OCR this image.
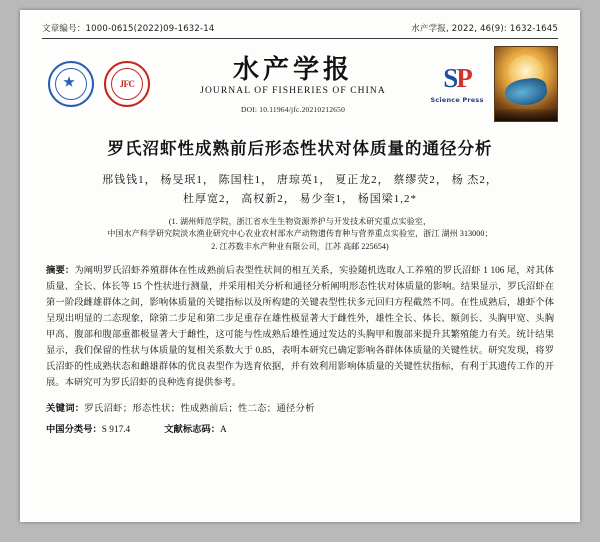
文章编号：1000-0615(2022)09-1632-14	水产学报, 2022, 46(9): 1632-1645
JFC
水产学报
JOURNAL OF FISHERIES OF CHINA
DOI: 10.11964/jfc.20210212650
SP
Science Press
罗氏沼虾性成熟前后形态性状对体质量的通径分析
邢钱钱1， 杨旻珉1， 陈国柱1， 唐琼英1， 夏正龙2， 蔡缪荧2， 杨 杰2，
杜厚宽2， 高权新2， 易少奎1， 杨国梁1,2*
(1. 湖州师范学院，浙江省水生生物资源养护与开发技术研究重点实验室，
中国水产科学研究院淡水渔业研究中心农业农村部水产动物遗传育种与营养重点实验室，浙江 湖州 313000；
2. 江苏数丰水产种业有限公司，江苏 高邮 225654)
摘要：为阐明罗氏沼虾养殖群体在性成熟前后表型性状间的相互关系，实验随机选取人工养殖的罗氏沼虾 1 106 尾，对其体质量、全长、体长等 15 个性状进行测量，并采用相关分析和通径分析阐明形态性状对体质量的影响。结果显示，罗氏沼虾在第一阶段雌雄群体之间，影响体质量的关键指标以及所构建的关键表型性状多元回归方程截然不同。在性成熟后，雄虾个体呈现出明显的二态现象，除第二步足和第二步足重存在雄性极显著大于雌性外，雄性全长、体长、额剑长、头胸甲宽、头胸甲高、腹部和腹部重都极显著大于雌性，这可能与性成熟后雄性通过发达的头胸甲和腹部来提升其繁殖能力有关。统计结果显示，我们保留的性状与体质量的复相关系数大于 0.85，表明本研究已确定影响各群体体质量的关键性状。研究发现，将罗氏沼虾的性成熟状态和雌雄群体的优良表型作为选育依据，并有效利用影响体质量的关键性状指标，有利于其遗传工作的开展。本研究可为罗氏沼虾的良种选育提供参考。
关键词：罗氏沼虾；形态性状；性成熟前后；性二态；通径分析
中国分类号：S 917.4	文献标志码：A
